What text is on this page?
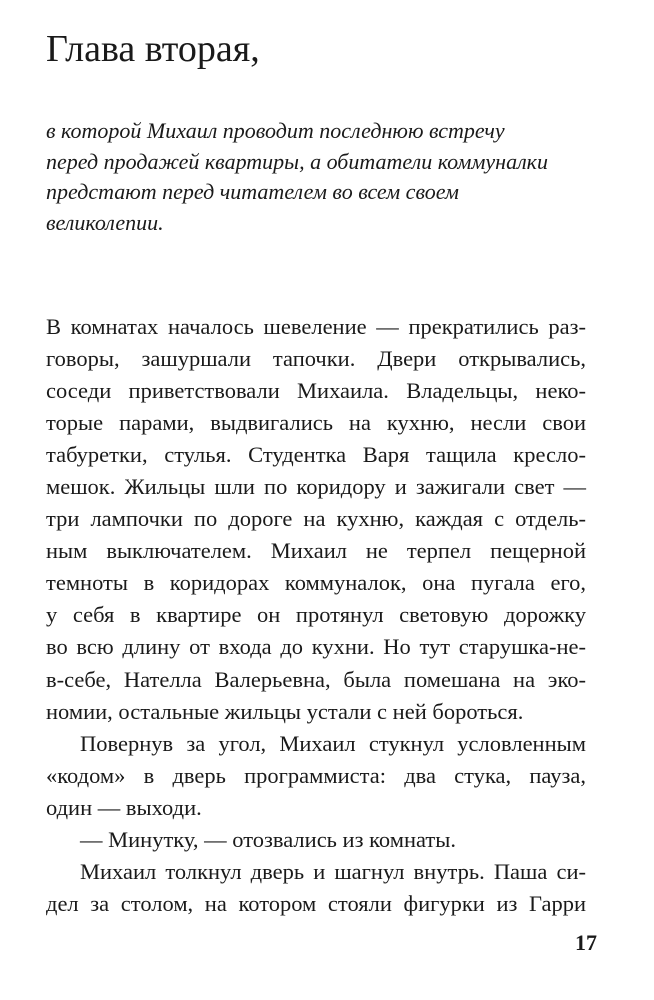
Глава вторая,
в которой Михаил проводит последнюю встречу
перед продажей квартиры, а обитатели коммуналки
предстают перед читателем во всем своем
великолепии.
В комнатах началось шевеление — прекратились раз-
говоры, зашуршали тапочки. Двери открывались,
соседи приветствовали Михаила. Владельцы, неко-
торые парами, выдвигались на кухню, несли свои
табуретки, стулья. Студентка Варя тащила кресло-
мешок. Жильцы шли по коридору и зажигали свет —
три лампочки по дороге на кухню, каждая с отдель-
ным выключателем. Михаил не терпел пещерной
темноты в коридорах коммуналок, она пугала его,
у себя в квартире он протянул световую дорожку
во всю длину от входа до кухни. Но тут старушка-не-
в-себе, Нателла Валерьевна, была помешана на эко-
номии, остальные жильцы устали с ней бороться.
Повернув за угол, Михаил стукнул условленным
«кодом» в дверь программиста: два стука, пауза,
один — выходи.
— Минутку, — отозвались из комнаты.
Михаил толкнул дверь и шагнул внутрь. Паша си-
дел за столом, на котором стояли фигурки из Гарри
17
